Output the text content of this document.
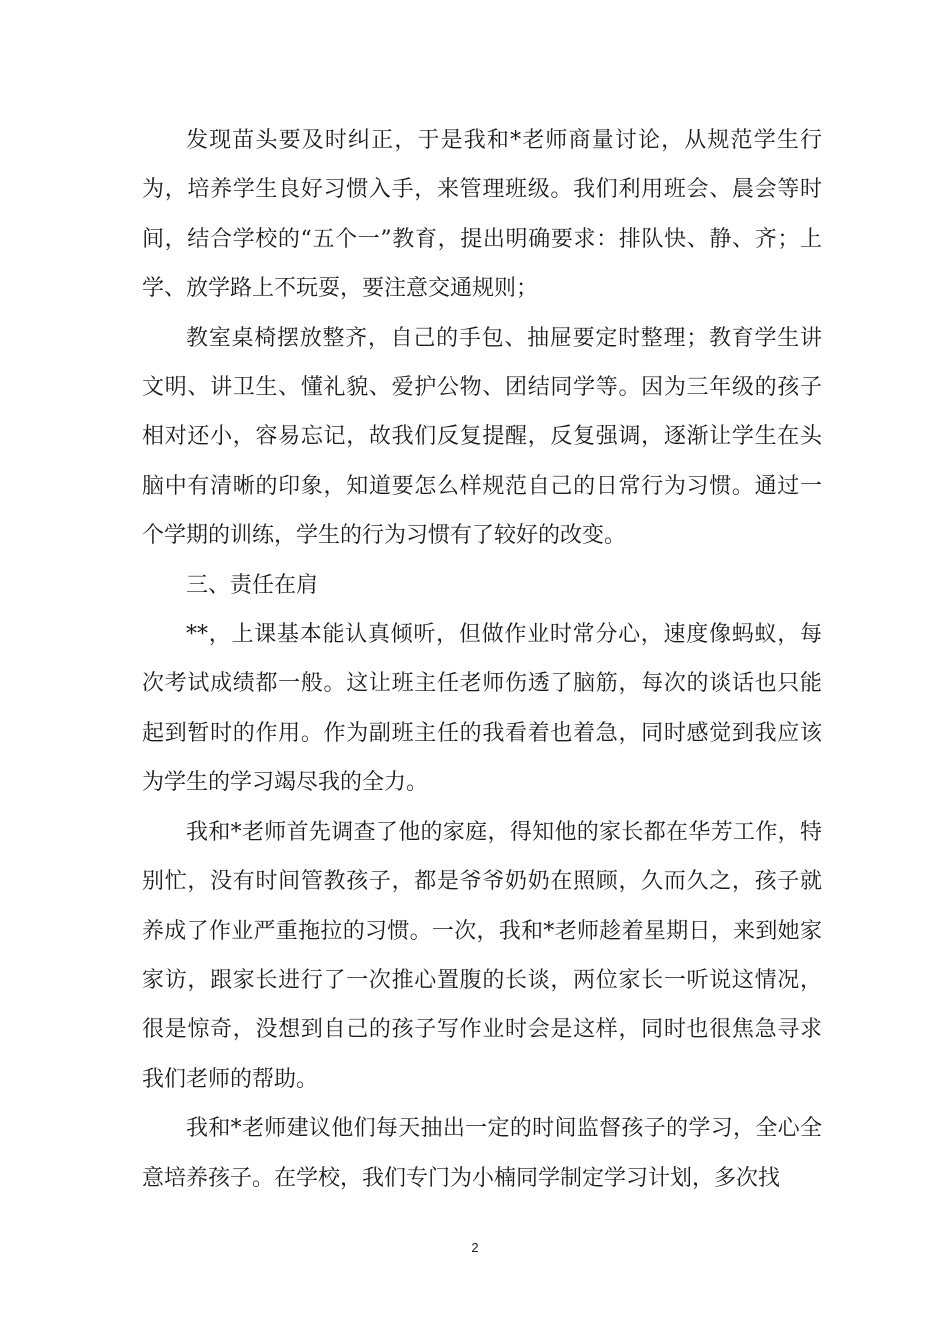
发现苗头要及时纠正，于是我和*老师商量讨论，从规范学生行为，培养学生良好习惯入手，来管理班级。我们利用班会、晨会等时间，结合学校的“五个一”教育，提出明确要求：排队快、静、齐；上学、放学路上不玩耍，要注意交通规则；

教室桌椅摆放整齐，自己的手包、抽屉要定时整理；教育学生讲文明、讲卫生、懂礼貌、爱护公物、团结同学等。因为三年级的孩子相对还小，容易忘记，故我们反复提醒，反复强调，逐渐让学生在头脑中有清晰的印象，知道要怎么样规范自己的日常行为习惯。通过一个学期的训练，学生的行为习惯有了较好的改变。

三、责任在肩

**，上课基本能认真倾听，但做作业时常分心，速度像蚂蚁，每次考试成绩都一般。这让班主任老师伤透了脑筋，每次的谈话也只能起到暂时的作用。作为副班主任的我看着也着急，同时感觉到我应该为学生的学习竭尽我的全力。

我和*老师首先调查了他的家庭，得知他的家长都在华芳工作，特别忙，没有时间管教孩子，都是爷爷奶奶在照顾，久而久之，孩子就养成了作业严重拖拉的习惯。一次，我和*老师趁着星期日，来到她家家访，跟家长进行了一次推心置腹的长谈，两位家长一听说这情况，很是惊奇，没想到自己的孩子写作业时会是这样，同时也很焦急寻求我们老师的帮助。

我和*老师建议他们每天抽出一定的时间监督孩子的学习，全心全意培养孩子。在学校，我们专门为小楠同学制定学习计划，多次找

2
